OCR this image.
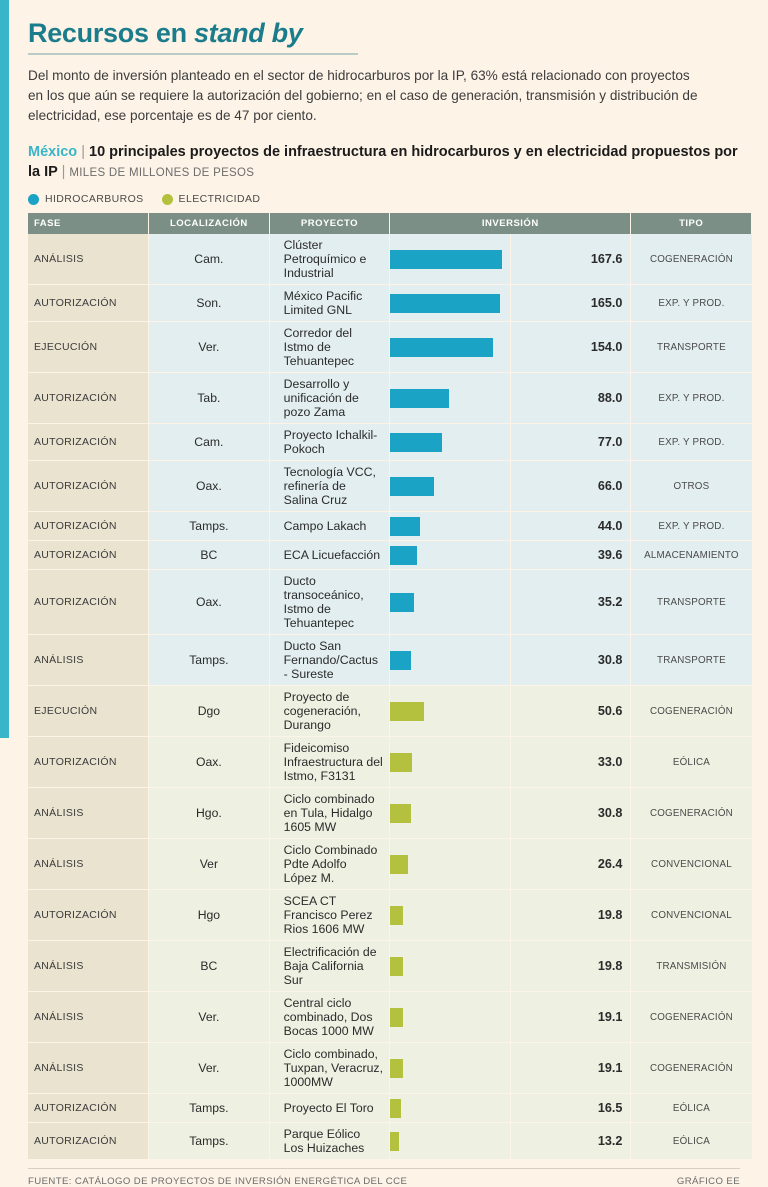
Recursos en stand by

Del monto de inversión planteado en el sector de hidrocarburos por la IP, 63% está relacionado con proyectos en los que aún se requiere la autorización del gobierno; en el caso de generación, transmisión y distribución de electricidad, ese porcentaje es de 47 por ciento.

México | 10 principales proyectos de infraestructura en hidrocarburos y en electricidad propuestos por la IP | MILES DE MILLONES DE PESOS
HIDROCARBUROS	ELECTRICIDAD
FASE	LOCALIZACIÓN	PROYECTO	INVERSIÓN		TIPO
ANÁLISIS	Cam.	Clúster Petroquímico e Industrial		167.6	COGENERACIÓN
AUTORIZACIÓN	Son.	México Pacific Limited GNL		165.0	EXP. Y PROD.
EJECUCIÓN	Ver.	Corredor del Istmo de Tehuantepec		154.0	TRANSPORTE
AUTORIZACIÓN	Tab.	Desarrollo y unificación de pozo Zama		88.0	EXP. Y PROD.
AUTORIZACIÓN	Cam.	Proyecto Ichalkil-Pokoch		77.0	EXP. Y PROD.
AUTORIZACIÓN	Oax.	Tecnología VCC, refinería de Salina Cruz		66.0	OTROS
AUTORIZACIÓN	Tamps.	Campo Lakach		44.0	EXP. Y PROD.
AUTORIZACIÓN	BC	ECA Licuefacción		39.6	ALMACENAMIENTO
AUTORIZACIÓN	Oax.	Ducto transoceánico, Istmo de Tehuantepec		35.2	TRANSPORTE
ANÁLISIS	Tamps.	Ducto San Fernando/Cactus - Sureste		30.8	TRANSPORTE
EJECUCIÓN	Dgo	Proyecto de cogeneración, Durango		50.6	COGENERACIÓN
AUTORIZACIÓN	Oax.	Fideicomiso Infraestructura del Istmo, F3131		33.0	EÓLICA
ANÁLISIS	Hgo.	Ciclo combinado en Tula, Hidalgo 1605 MW		30.8	COGENERACIÓN
ANÁLISIS	Ver	Ciclo Combinado Pdte Adolfo López M.		26.4	CONVENCIONAL
AUTORIZACIÓN	Hgo	SCEA CT Francisco Perez Rios 1606 MW		19.8	CONVENCIONAL
ANÁLISIS	BC	Electrificación de Baja California Sur		19.8	TRANSMISIÓN
ANÁLISIS	Ver.	Central ciclo combinado, Dos Bocas 1000 MW		19.1	COGENERACIÓN
ANÁLISIS	Ver.	Ciclo combinado, Tuxpan, Veracruz, 1000MW		19.1	COGENERACIÓN
AUTORIZACIÓN	Tamps.	Proyecto El Toro		16.5	EÓLICA
AUTORIZACIÓN	Tamps.	Parque Eólico Los Huizaches		13.2	EÓLICA
FUENTE: CATÁLOGO DE PROYECTOS DE INVERSIÓN ENERGÉTICA DEL CCE	GRÁFICO EE
